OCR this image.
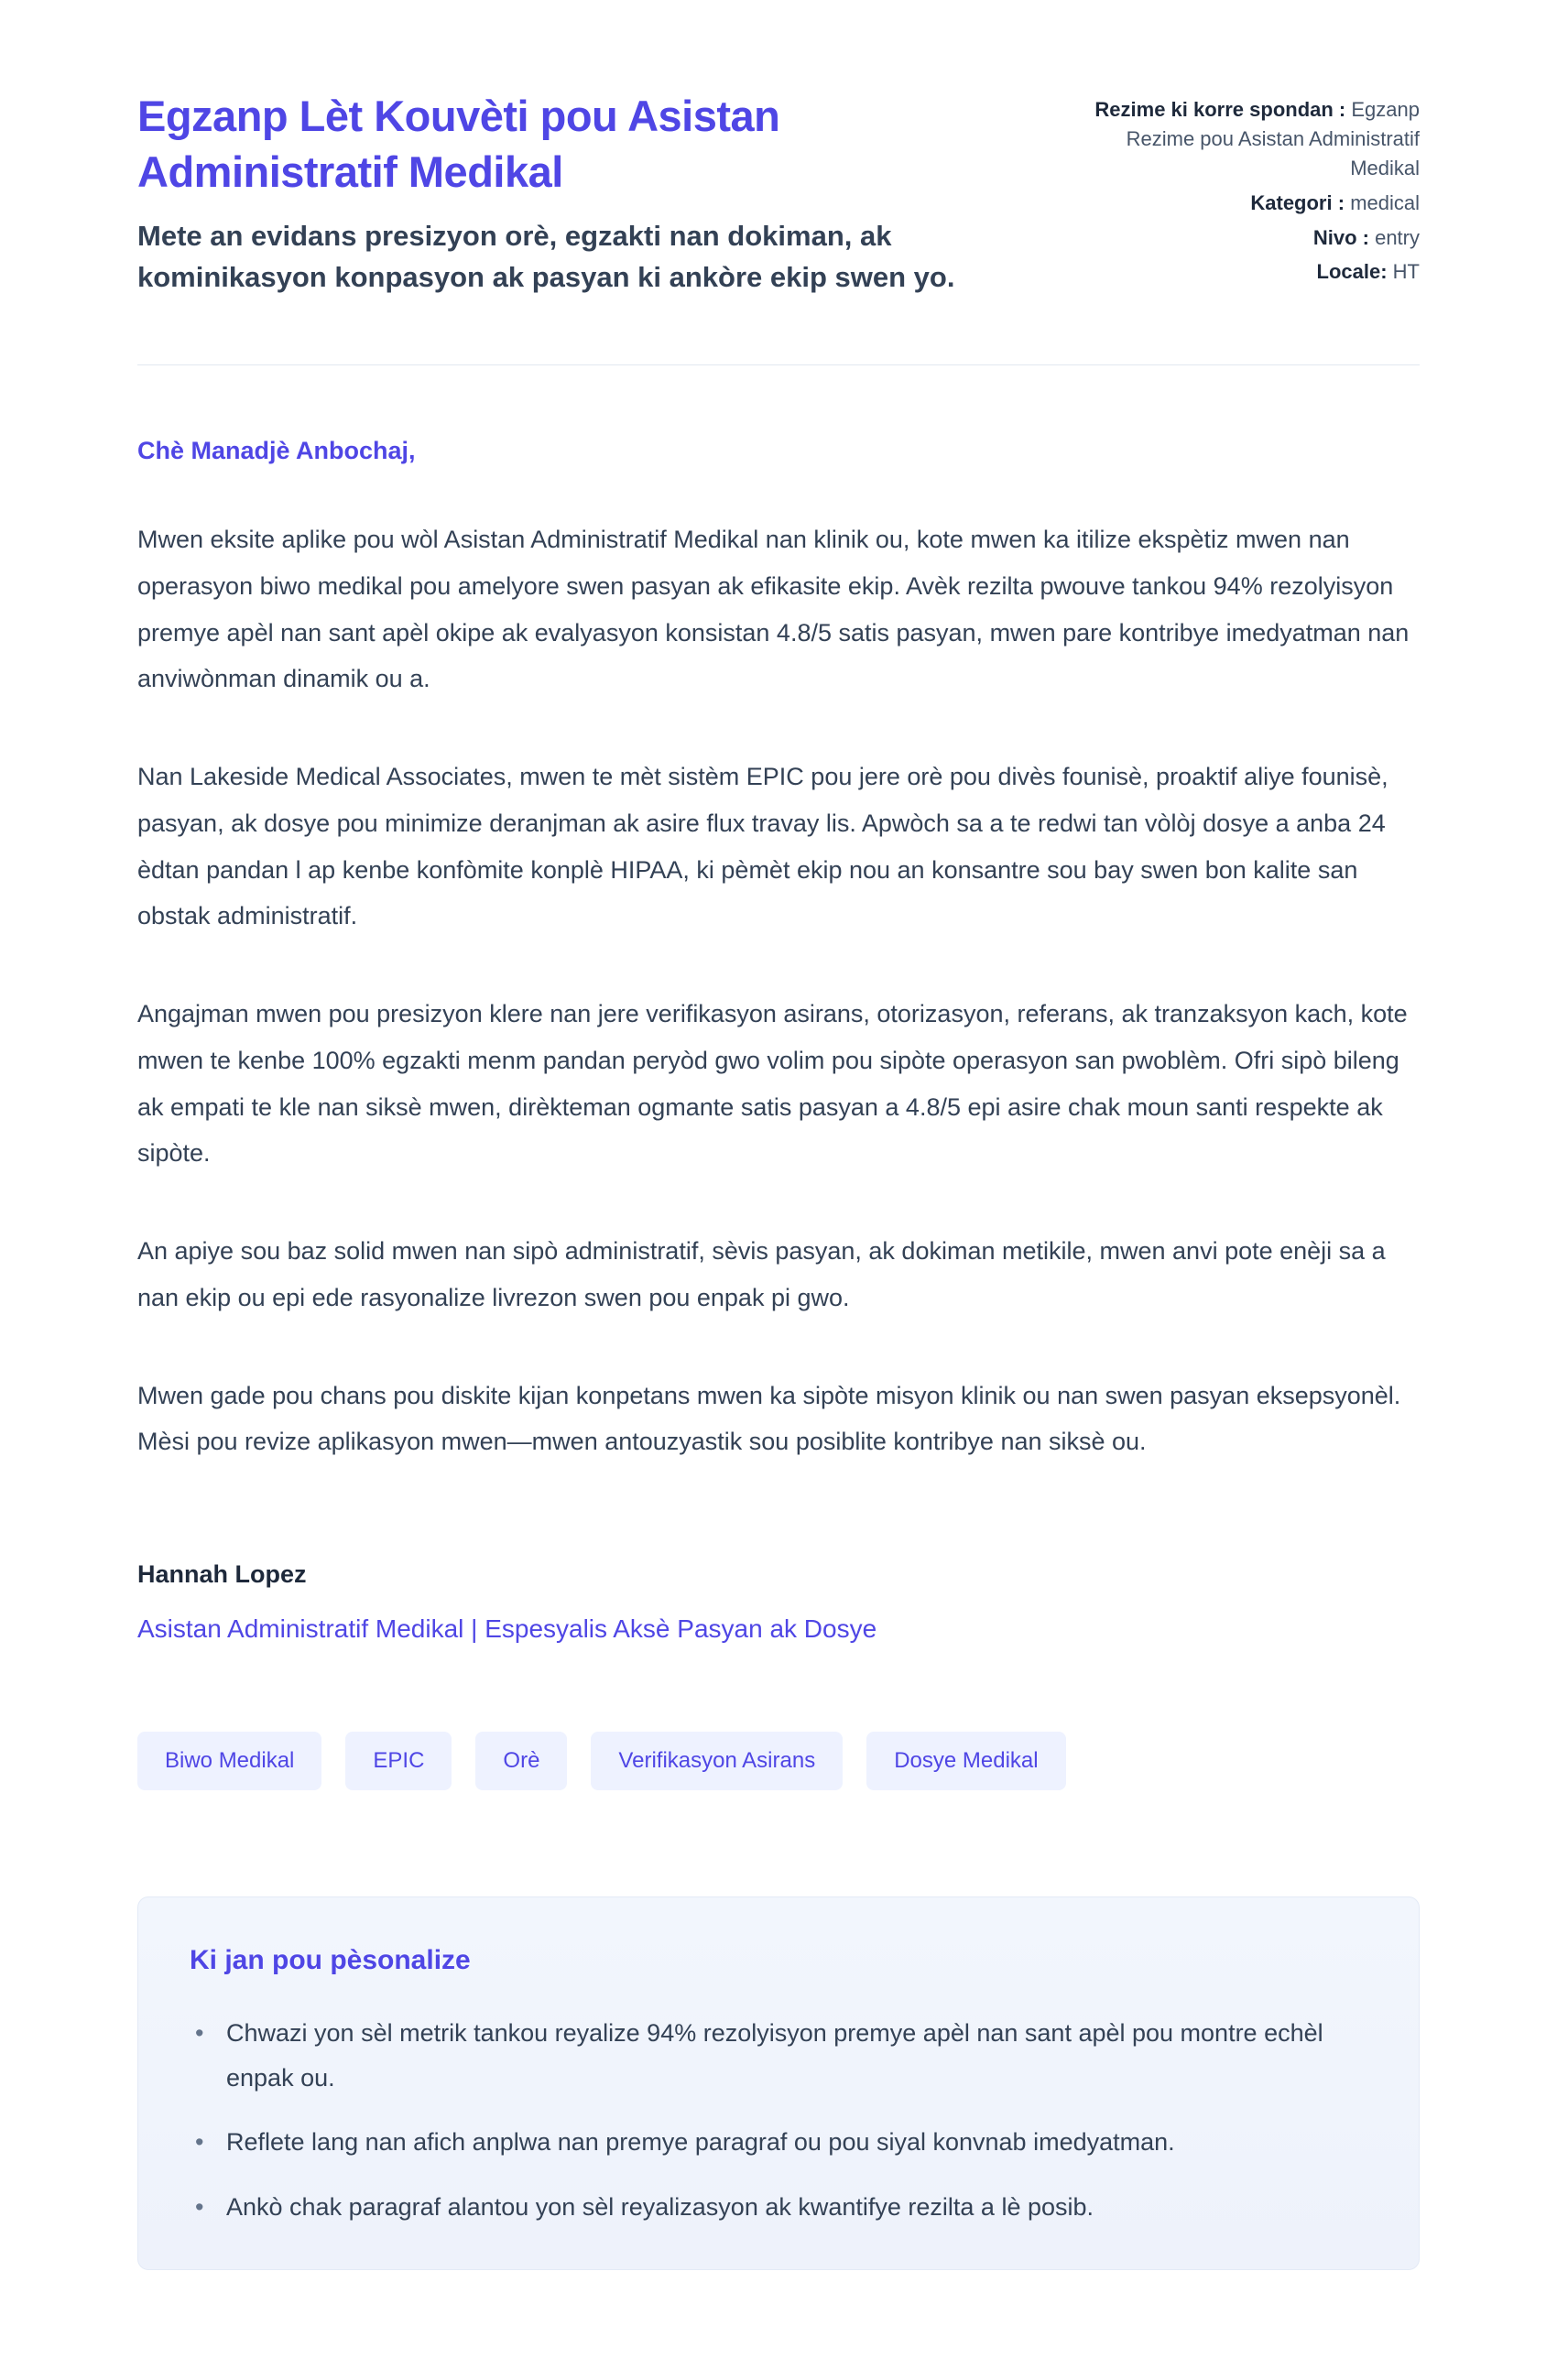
Egzanp Lèt Kouvèti pou Asistan Administratif Medikal

Mete an evidans presizyon orè, egzakti nan dokiman, ak kominikasyon konpasyon ak pasyan ki ankòre ekip swen yo.

Rezime ki korre spondan : Egzanp Rezime pou Asistan Administratif Medikal
Kategori : medical
Nivo : entry
Locale: HT

Chè Manadjè Anbochaj,

Mwen eksite aplike pou wòl Asistan Administratif Medikal nan klinik ou, kote mwen ka itilize ekspètiz mwen nan operasyon biwo medikal pou amelyore swen pasyan ak efikasite ekip. Avèk rezilta pwouve tankou 94% rezolyisyon premye apèl nan sant apèl okipe ak evalyasyon konsistan 4.8/5 satis pasyan, mwen pare kontribye imedyatman nan anviwònman dinamik ou a.

Nan Lakeside Medical Associates, mwen te mèt sistèm EPIC pou jere orè pou divès founisè, proaktif aliye founisè, pasyan, ak dosye pou minimize deranjman ak asire flux travay lis. Apwòch sa a te redwi tan vòlòj dosye a anba 24 èdtan pandan l ap kenbe konfòmite konplè HIPAA, ki pèmèt ekip nou an konsantre sou bay swen bon kalite san obstak administratif.

Angajman mwen pou presizyon klere nan jere verifikasyon asirans, otorizasyon, referans, ak tranzaksyon kach, kote mwen te kenbe 100% egzakti menm pandan peryòd gwo volim pou sipòte operasyon san pwoblèm. Ofri sipò bileng ak empati te kle nan siksè mwen, dirèkteman ogmante satis pasyan a 4.8/5 epi asire chak moun santi respekte ak sipòte.

An apiye sou baz solid mwen nan sipò administratif, sèvis pasyan, ak dokiman metikile, mwen anvi pote enèji sa a nan ekip ou epi ede rasyonalize livrezon swen pou enpak pi gwo.

Mwen gade pou chans pou diskite kijan konpetans mwen ka sipòte misyon klinik ou nan swen pasyan eksepsyonèl. Mèsi pou revize aplikasyon mwen—mwen antouzyastik sou posiblite kontribye nan siksè ou.

Hannah Lopez

Asistan Administratif Medikal | Espesyalis Aksè Pasyan ak Dosye

Biwo Medikal	EPIC	Orè	Verifikasyon Asirans	Dosye Medikal
Ki jan pou pèsonalize
• Chwazi yon sèl metrik tankou reyalize 94% rezolyisyon premye apèl nan sant apèl pou montre echèl enpak ou.
• Reflete lang nan afich anplwa nan premye paragraf ou pou siyal konvnab imedyatman.
• Ankò chak paragraf alantou yon sèl reyalizasyon ak kwantifye rezilta a lè posib.
